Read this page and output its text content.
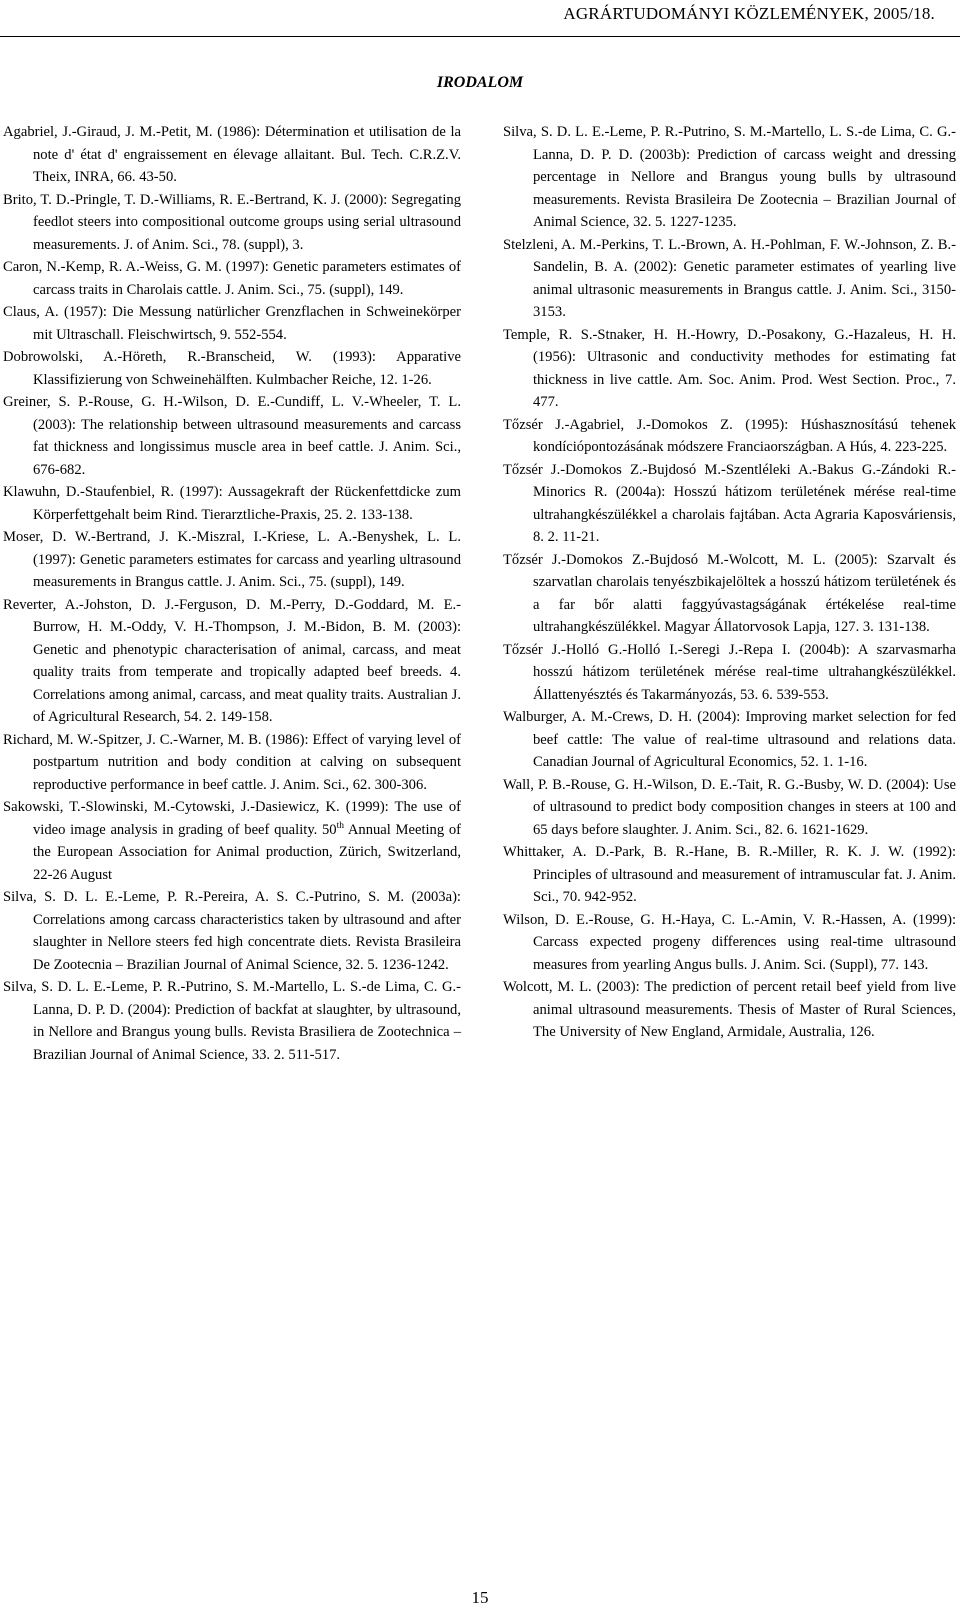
AGRÁRTUDOMÁNYI KÖZLEMÉNYEK, 2005/18.
IRODALOM

Agabriel, J.-Giraud, J. M.-Petit, M. (1986): Détermination et utilisation de la note d' état d' engraissement en élevage allaitant. Bul. Tech. C.R.Z.V. Theix, INRA, 66. 43-50.

Brito, T. D.-Pringle, T. D.-Williams, R. E.-Bertrand, K. J. (2000): Segregating feedlot steers into compositional outcome groups using serial ultrasound measurements. J. of Anim. Sci., 78. (suppl), 3.

Caron, N.-Kemp, R. A.-Weiss, G. M. (1997): Genetic parameters estimates of carcass traits in Charolais cattle. J. Anim. Sci., 75. (suppl), 149.

Claus, A. (1957): Die Messung natürlicher Grenzflachen in Schweinekörper mit Ultraschall. Fleischwirtsch, 9. 552-554.

Dobrowolski, A.-Höreth, R.-Branscheid, W. (1993): Apparative Klassifizierung von Schweinehälften. Kulmbacher Reiche, 12. 1-26.

Greiner, S. P.-Rouse, G. H.-Wilson, D. E.-Cundiff, L. V.-Wheeler, T. L. (2003): The relationship between ultrasound measurements and carcass fat thickness and longissimus muscle area in beef cattle. J. Anim. Sci., 676-682.

Klawuhn, D.-Staufenbiel, R. (1997): Aussagekraft der Rückenfettdicke zum Körperfettgehalt beim Rind. Tierarztliche-Praxis, 25. 2. 133-138.

Moser, D. W.-Bertrand, J. K.-Miszral, I.-Kriese, L. A.-Benyshek, L. L. (1997): Genetic parameters estimates for carcass and yearling ultrasound measurements in Brangus cattle. J. Anim. Sci., 75. (suppl), 149.

Reverter, A.-Johston, D. J.-Ferguson, D. M.-Perry, D.-Goddard, M. E.-Burrow, H. M.-Oddy, V. H.-Thompson, J. M.-Bidon, B. M. (2003): Genetic and phenotypic characterisation of animal, carcass, and meat quality traits from temperate and tropically adapted beef breeds. 4. Correlations among animal, carcass, and meat quality traits. Australian J. of Agricultural Research, 54. 2. 149-158.

Richard, M. W.-Spitzer, J. C.-Warner, M. B. (1986): Effect of varying level of postpartum nutrition and body condition at calving on subsequent reproductive performance in beef cattle. J. Anim. Sci., 62. 300-306.

Sakowski, T.-Slowinski, M.-Cytowski, J.-Dasiewicz, K. (1999): The use of video image analysis in grading of beef quality. 50th Annual Meeting of the European Association for Animal production, Zürich, Switzerland, 22-26 August

Silva, S. D. L. E.-Leme, P. R.-Pereira, A. S. C.-Putrino, S. M. (2003a): Correlations among carcass characteristics taken by ultrasound and after slaughter in Nellore steers fed high concentrate diets. Revista Brasileira De Zootecnia – Brazilian Journal of Animal Science, 32. 5. 1236-1242.

Silva, S. D. L. E.-Leme, P. R.-Putrino, S. M.-Martello, L. S.-de Lima, C. G.-Lanna, D. P. D. (2004): Prediction of backfat at slaughter, by ultrasound, in Nellore and Brangus young bulls. Revista Brasiliera de Zootechnica – Brazilian Journal of Animal Science, 33. 2. 511-517.

Silva, S. D. L. E.-Leme, P. R.-Putrino, S. M.-Martello, L. S.-de Lima, C. G.-Lanna, D. P. D. (2003b): Prediction of carcass weight and dressing percentage in Nellore and Brangus young bulls by ultrasound measurements. Revista Brasileira De Zootecnia – Brazilian Journal of Animal Science, 32. 5. 1227-1235.

Stelzleni, A. M.-Perkins, T. L.-Brown, A. H.-Pohlman, F. W.-Johnson, Z. B.-Sandelin, B. A. (2002): Genetic parameter estimates of yearling live animal ultrasonic measurements in Brangus cattle. J. Anim. Sci., 3150-3153.

Temple, R. S.-Stnaker, H. H.-Howry, D.-Posakony, G.-Hazaleus, H. H. (1956): Ultrasonic and conductivity methodes for estimating fat thickness in live cattle. Am. Soc. Anim. Prod. West Section. Proc., 7. 477.

Tőzsér J.-Agabriel, J.-Domokos Z. (1995): Húshasznosítású tehenek kondíciópontozásának módszere Franciaországban. A Hús, 4. 223-225.

Tőzsér J.-Domokos Z.-Bujdosó M.-Szentléleki A.-Bakus G.-Zándoki R.-Minorics R. (2004a): Hosszú hátizom területének mérése real-time ultrahangkészülékkel a charolais fajtában. Acta Agraria Kaposváriensis, 8. 2. 11-21.

Tőzsér J.-Domokos Z.-Bujdosó M.-Wolcott, M. L. (2005): Szarvalt és szarvatlan charolais tenyészbikajelöltek a hosszú hátizom területének és a far bőr alatti faggyúvastagságának értékelése real-time ultrahangkészülékkel. Magyar Állatorvosok Lapja, 127. 3. 131-138.

Tőzsér J.-Holló G.-Holló I.-Seregi J.-Repa I. (2004b): A szarvasmarha hosszú hátizom területének mérése real-time ultrahangkészülékkel. Állattenyésztés és Takarmányozás, 53. 6. 539-553.

Walburger, A. M.-Crews, D. H. (2004): Improving market selection for fed beef cattle: The value of real-time ultrasound and relations data. Canadian Journal of Agricultural Economics, 52. 1. 1-16.

Wall, P. B.-Rouse, G. H.-Wilson, D. E.-Tait, R. G.-Busby, W. D. (2004): Use of ultrasound to predict body composition changes in steers at 100 and 65 days before slaughter. J. Anim. Sci., 82. 6. 1621-1629.

Whittaker, A. D.-Park, B. R.-Hane, B. R.-Miller, R. K. J. W. (1992): Principles of ultrasound and measurement of intramuscular fat. J. Anim. Sci., 70. 942-952.

Wilson, D. E.-Rouse, G. H.-Haya, C. L.-Amin, V. R.-Hassen, A. (1999): Carcass expected progeny differences using real-time ultrasound measures from yearling Angus bulls. J. Anim. Sci. (Suppl), 77. 143.

Wolcott, M. L. (2003): The prediction of percent retail beef yield from live animal ultrasound measurements. Thesis of Master of Rural Sciences, The University of New England, Armidale, Australia, 126.

15
